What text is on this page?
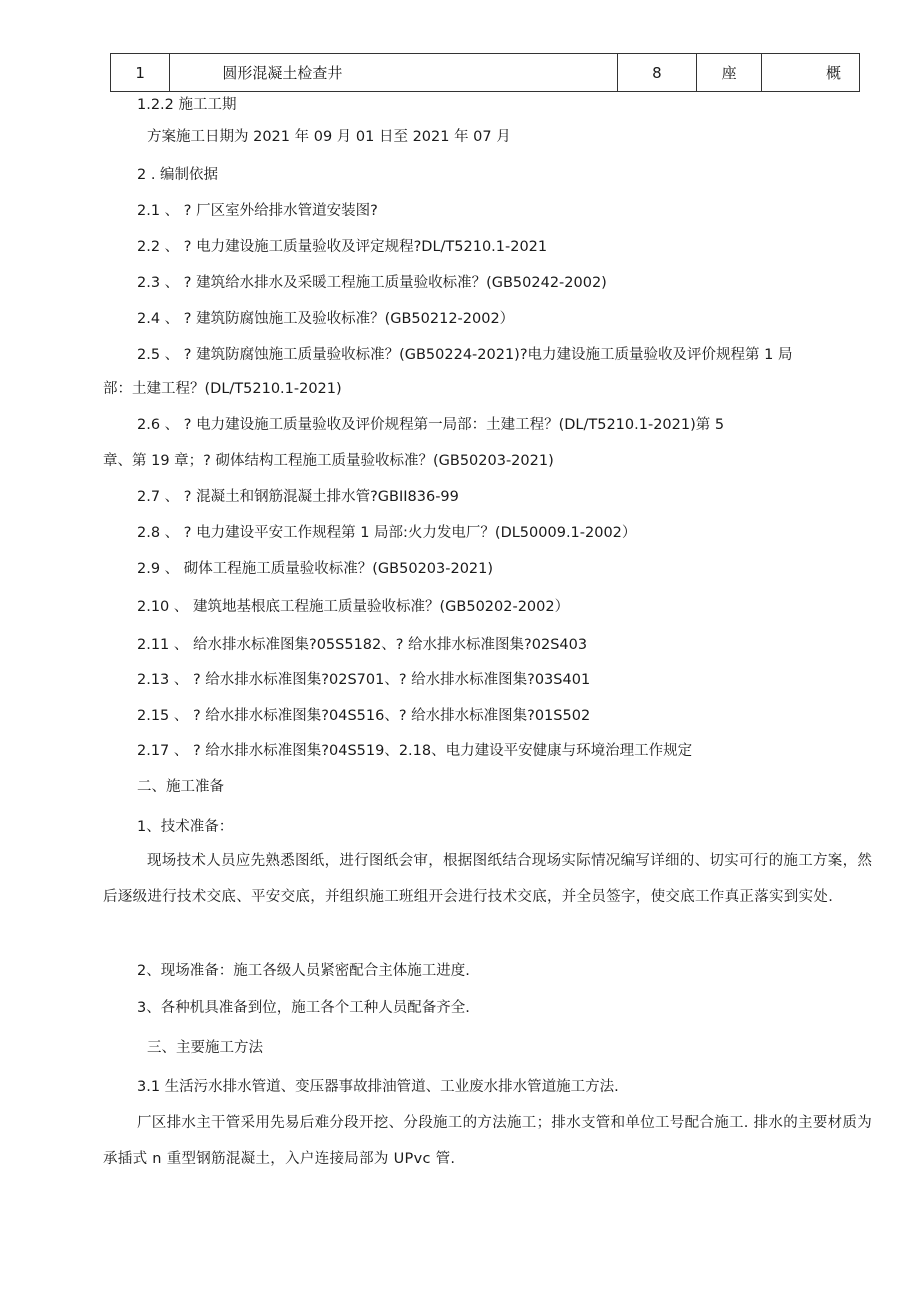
1	圆形混凝土检查井	8	座	概
1.2.2 施工工期
方案施工日期为 2021 年 09 月 01 日至 2021 年 07 月
2 . 编制依据
2.1 、 ? 厂区室外给排水管道安装图?
2.2 、 ? 电力建设施工质量验收及评定规程?DL/T5210.1-2021
2.3 、 ? 建筑给水排水及采暖工程施工质量验收标准？(GB50242-2002)
2.4 、 ? 建筑防腐蚀施工及验收标准？(GB50212-2002）
2.5 、 ? 建筑防腐蚀施工质量验收标准？(GB50224-2021)?电力建设施工质量验收及评价规程第 1 局
部：土建工程？(DL/T5210.1-2021)
2.6 、 ? 电力建设施工质量验收及评价规程第一局部：土建工程？(DL/T5210.1-2021)第 5
章、第 19 章；? 砌体结构工程施工质量验收标准？(GB50203-2021)
2.7 、 ? 混凝土和钢筋混凝土排水管?GBII836-99
2.8 、 ? 电力建设平安工作规程第 1 局部:火力发电厂？(DL50009.1-2002）
2.9 、 砌体工程施工质量验收标准？(GB50203-2021)
2.10 、 建筑地基根底工程施工质量验收标准？(GB50202-2002）
2.11 、 给水排水标准图集?05S5182、? 给水排水标准图集?02S403
2.13 、 ? 给水排水标准图集?02S701、? 给水排水标准图集?03S401
2.15 、 ? 给水排水标准图集?04S516、? 给水排水标准图集?01S502
2.17 、 ? 给水排水标准图集?04S519、2.18、电力建设平安健康与环境治理工作规定
二、施工准备
1、技术准备：
现场技术人员应先熟悉图纸，进行图纸会审，根据图纸结合现场实际情况编写详细的、切实可行的施工方案，然后逐级进行技术交底、平安交底，并组织施工班组开会进行技术交底，并全员签字，使交底工作真正落实到实处.
2、现场准备：施工各级人员紧密配合主体施工进度.
3、各种机具准备到位，施工各个工种人员配备齐全.
三、主要施工方法
3.1 生活污水排水管道、变压器事故排油管道、工业废水排水管道施工方法.
厂区排水主干管采用先易后难分段开挖、分段施工的方法施工；排水支管和单位工号配合施工. 排水的主要材质为承插式 n 重型钢筋混凝土，入户连接局部为 UPvc 管.
